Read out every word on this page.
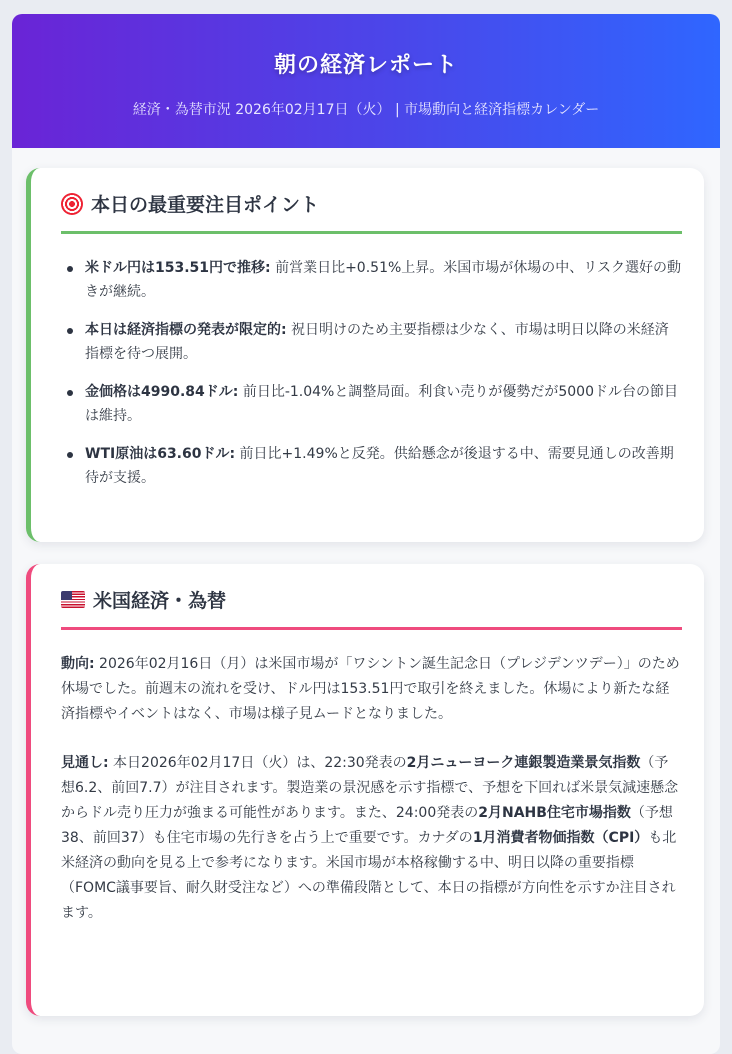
朝の経済レポート
経済・為替市況 2026年02月17日（火） | 市場動向と経済指標カレンダー
本日の最重要注目ポイント
米ドル円は153.51円で推移: 前営業日比+0.51%上昇。米国市場が休場の中、リスク選好の動きが継続。
本日は経済指標の発表が限定的: 祝日明けのため主要指標は少なく、市場は明日以降の米経済指標を待つ展開。
金価格は4990.84ドル: 前日比-1.04%と調整局面。利食い売りが優勢だが5000ドル台の節目は維持。
WTI原油は63.60ドル: 前日比+1.49%と反発。供給懸念が後退する中、需要見通しの改善期待が支援。
米国経済・為替

動向: 2026年02月16日（月）は米国市場が「ワシントン誕生記念日（プレジデンツデー）」のため休場でした。前週末の流れを受け、ドル円は153.51円で取引を終えました。休場により新たな経済指標やイベントはなく、市場は様子見ムードとなりました。

見通し: 本日2026年02月17日（火）は、22:30発表の2月ニューヨーク連銀製造業景気指数（予想6.2、前回7.7）が注目されます。製造業の景況感を示す指標で、予想を下回れば米景気減速懸念からドル売り圧力が強まる可能性があります。また、24:00発表の2月NAHB住宅市場指数（予想38、前回37）も住宅市場の先行きを占う上で重要です。カナダの1月消費者物価指数（CPI）も北米経済の動向を見る上で参考になります。米国市場が本格稼働する中、明日以降の重要指標（FOMC議事要旨、耐久財受注など）への準備段階として、本日の指標が方向性を示すか注目されます。
